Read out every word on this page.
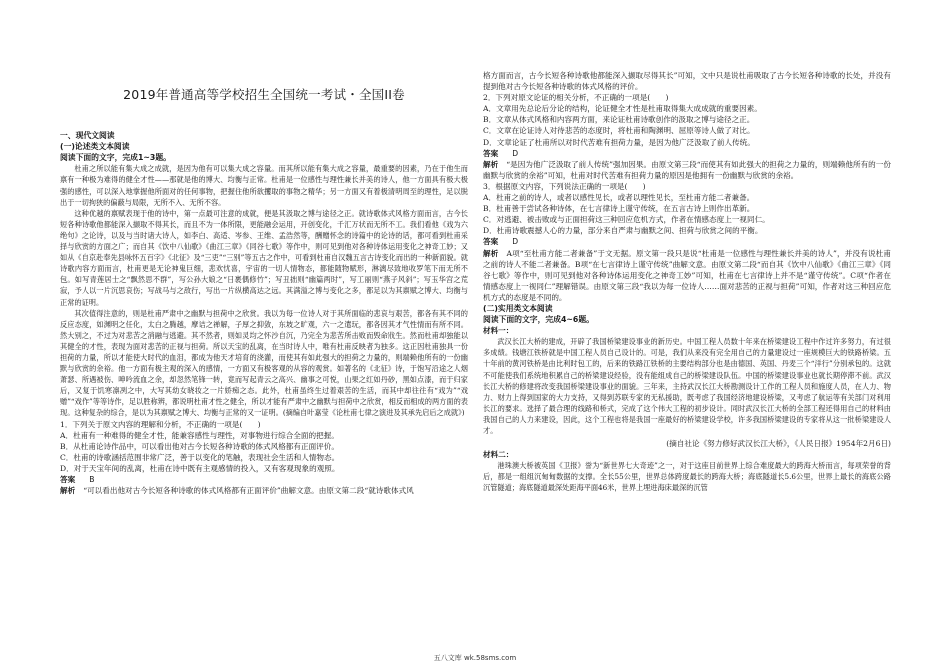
2019年普通高等学校招生全国统一考试・全国II卷

一、现代文阅读

(一)论述类文本阅读

阅读下面的文字，完成1~3题。

杜甫之所以能有集大成之成就，是因为他有可以集大成之容量。而其所以能有集大成之容量，最重要的因素，乃在于他生而禀有一种极为难得的健全才性——那就是他的博大、均衡与正常。杜甫是一位感性与理性兼长并美的诗人，他一方面具有极大极强的感性，可以深入地掌握他所面对的任何事物，把握住他所欲攫取的事物之精华；另一方面又有着极清明周至的理性，足以脱出于一切拘狭的偏蔽与局限，无所不入、无所不容。

这种优越的禀赋表现于他的诗中，第一点最可注意的成就，便是其汲取之博与途径之正。就诗歌体式风格方面而言，古今长短各种诗歌他都能深入撷取不得其长，而且不为一体所限，更能融会运用，开创变化，千汇万状而无所不工。我们看他《戏为六绝句》之论诗，以及与当时诸大诗人，如李白、高适、岑参、王维、孟浩然等，酬赠怀念的诗篇中的论诗的话，都可看到杜甫采择与欣赏的方面之广；而自其《饮中八仙歌》《曲江三章》《同谷七歌》等作中，则可见到他对各种诗体运用变化之神奇工妙；又如从《自京赴奉先县咏怀五百字》《北征》及“三吏”“三别”等五古之作中，可看到杜甫自汉魏五言古诗变化而出的一种新面貌。就诗歌内容方面而言，杜甫更是无论神鬼巨细，悲欢忧喜，宇宙的一切人情物态，都能随物赋形，淋漓尽致地收罗笔下而无所不包。如写青莲居士之“飘然思不群”，写公孙大娘之“日裹偶修竹”；写丑拙则“幽篇两时”，写工丽则“燕子风斜”；写玉华宫之荒寂，予人以一片沉思哀伤；写战马与之敌行，写出一片纵横高达之远。其满溢之博与变化之多，都足以为其禀赋之博大、均衡与正常的证明。

其次值得注意的，则是杜甫严肃中之幽默与担荷中之欣赏。我以为每一位诗人对于其所面临的悲哀与艰苦，都各有其不同的反应态度，如渊明之任化，太白之腾越，摩诘之禅解，子厚之抑敛，东坡之旷观，六一之遣玩，都各因其才气性情而有所不同。然大别之，不过为对悲苦之消融与逃避。其不然者，则如灵均之怀沙自沉，乃完全为悲苦所击败而毁命戕生。然而杜甫却独能以其健全的才性，表现为面对悲苦的正视与担荷。所以天宝的乱离，在当时诗人中，唯有杜甫反映者为独多。这正因杜甫独具一份担荷的力量，所以才能使大时代的血泪，都成为他天才培育的浇灌，而使其有如此强大的担荷之力量的，则端赖他所有的一份幽默与欣赏的余裕。他一方面有极主观的深入的感情，一方面又有极客观的从容的观赏。如著名的《北征》诗，于饱写沿途之人烟萧瑟、所遇被伤、呻吟流血之余，却忽然笔锋一转，竟而写起青云之高兴、幽事之可悦，山果之红如丹砂，黑如点漆，而于归家后，又复于饥寒凛冽之中，大写其幼女晓妆之一片娇痴之态。此外，杜甫虽终生过着艰苦的生活，而其中却往往有“戏为”“戏赠”“戏作”等等诗作，足以胜称辨，都说明杜甫才性之健全，所以才能有严肃中之幽默与担荷中之欣赏，相反而相成的两方面的表现。这种复杂的综合，是以为其禀赋之博大、均衡与正常的又一证明。(摘编自叶嘉莹《论杜甫七律之演进及其承先启后之成就》)

1．下列关于原文内容的理解和分析，不正确的一项是(　　)

A．杜甫有一种难得的健全才性，能兼容感性与理性，对事物进行综合全面的把握。

B．从杜甫论诗作品中，可以看出他对古今长短各种诗歌的体式风格都有正面评价。

C．杜甫的诗歌涵括范围非常广泛，善于以变化的笔触，表现社会生活和人情物态。

D．对于天宝年间的乱离，杜甫在诗中既有主观感情的投入，又有客观现象的观照。

答案 B

解析 “可以看出他对古今长短各种诗歌的体式风格都有正面评价”曲解文意。由原文第二段“就诗歌体式风

格方面而言，古今长短各种诗歌他都能深入撷取尽得其长”可知，文中只是说杜甫吸取了古今长短各种诗歌的长处，并没有提到他对古今长短各种诗歌的体式风格的评价。

2．下列对原文论证的相关分析，不正确的一项是(　　)

A．文章用先总论后分论的结构，论证健全才性是杜甫取得集大成成就的重要因素。

B．文章从体式风格和内容两方面，来论证杜甫诗歌创作的汲取之博与途径之正。

C．文章在论证诗人对待悲苦的态度时，将杜甫和陶渊明、屈原等诗人做了对比。

D．文章论证了杜甫所以对时代苦难有担荷力量，是因为他广泛汲取了前人传统。

答案 D

解析 “是因为他广泛汲取了前人传统”强加因果。由原文第三段“而使其有如此强大的担荷之力量的，则端赖他所有的一份幽默与欣赏的余裕”可知，杜甫对时代苦难有担荷力量的原因是他拥有一份幽默与欣赏的余裕。

3．根据原文内容，下列说法正确的一项是(　　)

A．杜甫之前的诗人，或者以感性见长，或者以理性见长，至杜甫方能二者兼备。

B．杜甫善于尝试各种诗体，在七言律诗上谨守传统，在五言古诗上则作出革新。

C．对逃避、被击败或与正面担荷这三种回应危机方式，作者在情感态度上一视同仁。

D．杜甫诗歌震撼人心的力量，部分来自严肃与幽默之间、担荷与欣赏之间的平衡。

答案 D

解析 A项“至杜甫方能二者兼备”于文无据。原文第一段只是说“杜甫是一位感性与理性兼长并美的诗人”，并没有说杜甫之前的诗人不能二者兼备。B项“在七言律诗上谨守传统”曲解文意。由原文第二段“而自其《饮中八仙歌》《曲江三章》《同谷七歌》等作中，则可见到他对各种诗体运用变化之神奇工妙”可知，杜甫在七言律诗上并不是“谨守传统”。C项“作者在情感态度上一视同仁”理解错误。由原文第三段“我以为每一位诗人……面对悲苦的正视与担荷”可知，作者对这三种回应危机方式的态度是不同的。

(二)实用类文本阅读

阅读下面的文字，完成4~6题。

材料一：

武汉长江大桥的建成，开辟了我国桥梁建设事业的新历史。中国工程人员数十年来在桥梁建设工程中作过许多努力，有过很多成绩。钱塘江铁桥就是中国工程人员自己设计的。可是，我们从来没有完全用自己的力量建设过一座规模巨大的铁路桥梁。五十年前的黄河铁桥是由比利时包工的，后来的铁路江铁桥的主要结构部分也是由德国、英国、丹麦三个“洋行”分别承包的。这就不可能使我们系统地积累自己的桥梁建设经验，没有能组成自己的桥梁建设队伍。中国的桥梁建设事业也就长期停滞不前。武汉长江大桥的修建将改变我国桥梁建设事业的面貌。三年来，主持武汉长江大桥勘测设计工作的工程人员和施度人员，在人力、物力、财力上得到国家的大力支持，又得到苏联专家的无私援助，既考虑了我国经济地建设桥梁，又考虑了航运等有关部门对利用长江的要求。选择了最合理的线路和桥式，完成了这个伟大工程的初步设计。同时武汉长江大桥的全部工程还得用自己的材料由我国自己的人力来建设，因此，这个工程也将是我国一座最好的桥梁建设学校，许多我国桥梁建设的专家将从这一批桥梁建设人才。

(摘自社论《努力修好武汉长江大桥》，《人民日报》1954年2月6日)

材料二：

港珠澳大桥被英国《卫报》誉为“新世界七大奇迹”之一，对于这座目前世界上综合难度最大的跨海大桥而言，每项荣誉的背后，都是一组组沉甸甸数据的支撑。全长55公里，世界总体跨度最长的跨海大桥；海底隧道长5.6公里，世界上最长的海底公路沉管隧道；海底隧道最深处距海平面46米，世界上埋进海床最深的沉管

五八文库 wk.58sms.com
